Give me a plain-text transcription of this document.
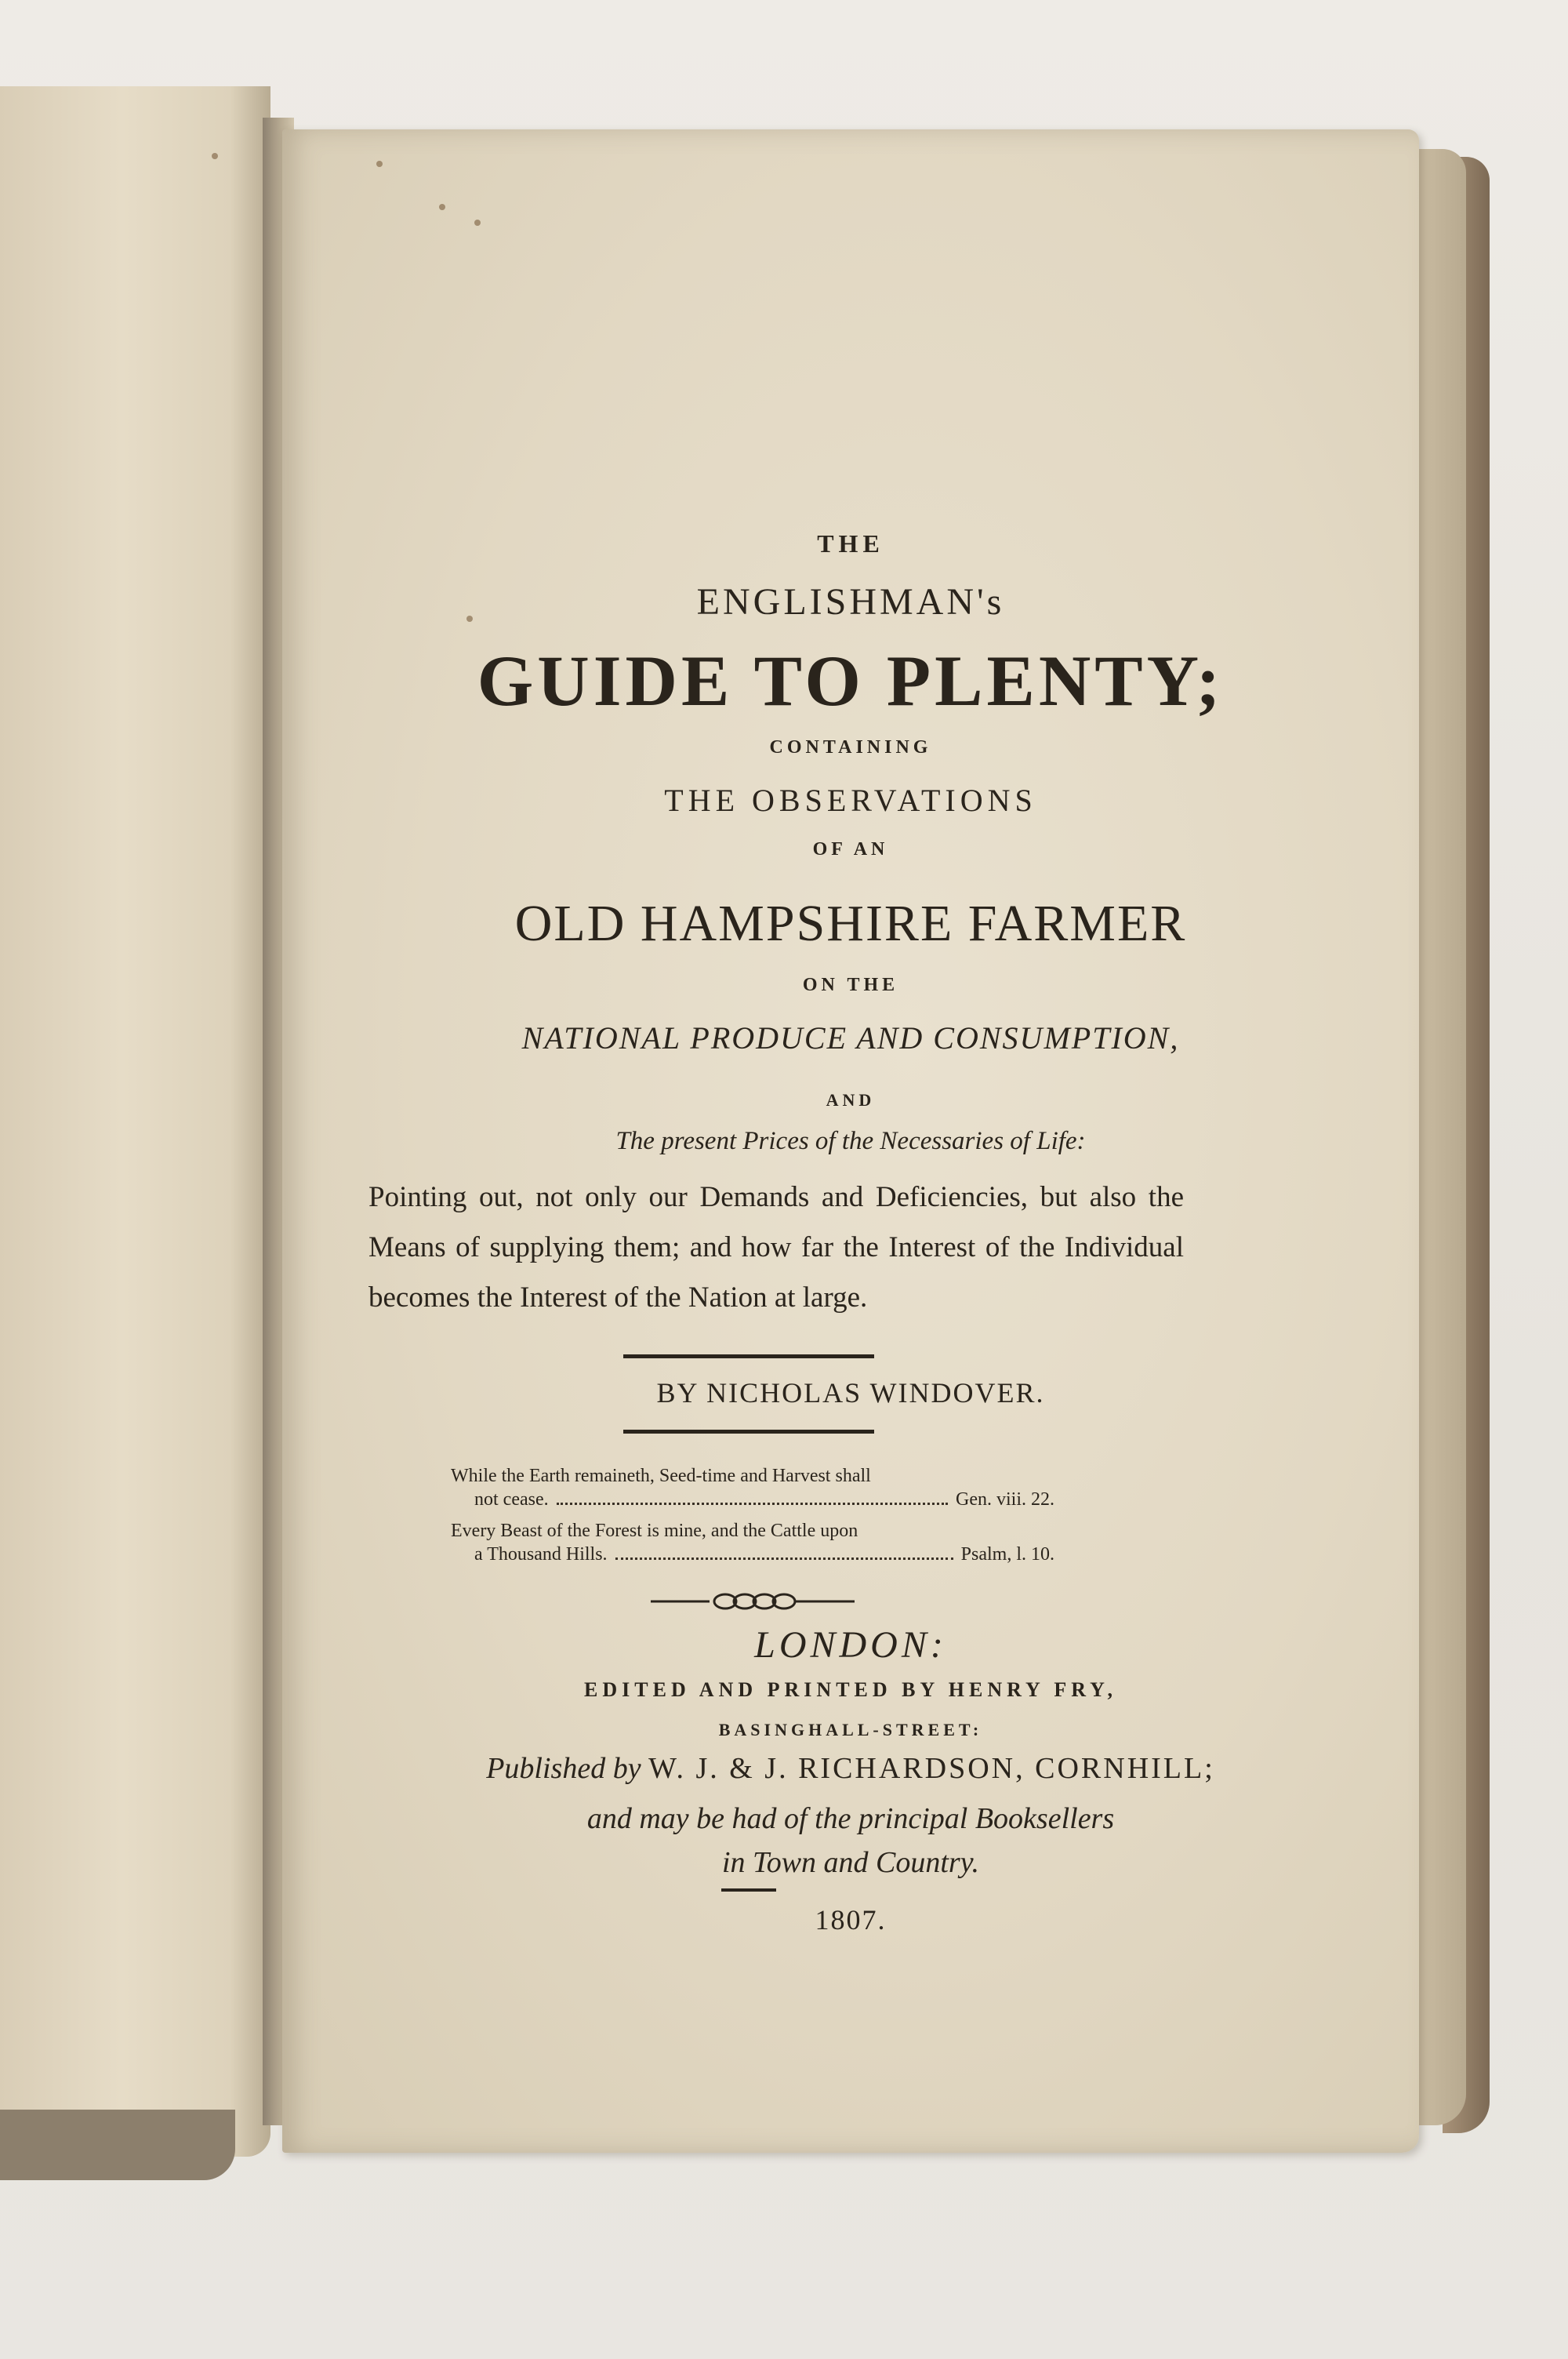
THE
ENGLISHMAN's
GUIDE TO PLENTY;
CONTAINING
THE OBSERVATIONS
OF AN
OLD HAMPSHIRE FARMER
ON THE
NATIONAL PRODUCE AND CONSUMPTION,
AND
The present Prices of the Necessaries of Life:
Pointing out, not only our Demands and Deficiencies, but also the Means of supplying them; and how far the Interest of the Individual becomes the Interest of the Nation at large.
BY NICHOLAS WINDOVER.
While the Earth remaineth, Seed-time and Harvest shall
not cease.	Gen. viii. 22.
Every Beast of the Forest is mine, and the Cattle upon
a Thousand Hills.	Psalm, l. 10.
LONDON:
EDITED AND PRINTED BY HENRY FRY,
BASINGHALL-STREET:
Published by W. J. & J. RICHARDSON, CORNHILL;
and may be had of the principal Booksellers
in Town and Country.
1807.
